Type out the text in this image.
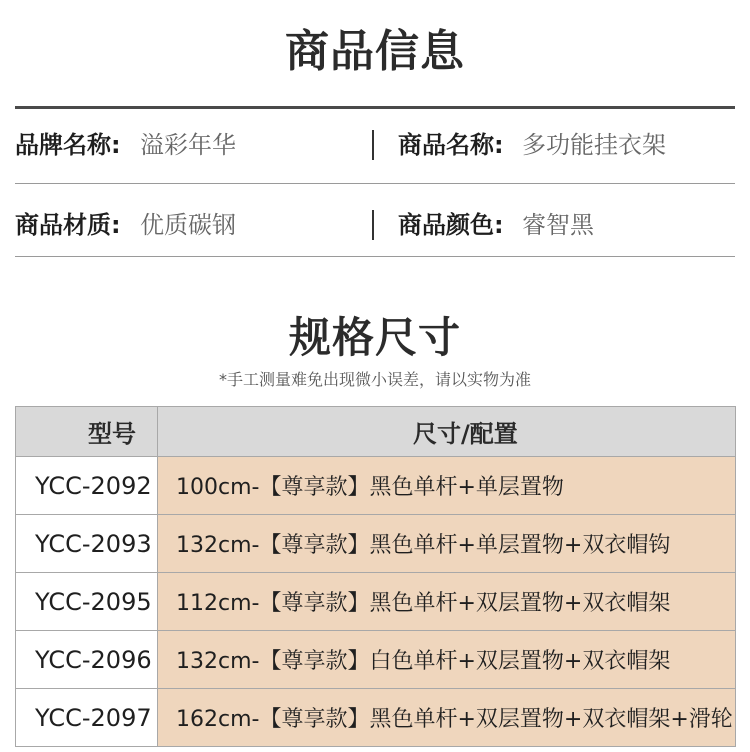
商品信息
品牌名称: 溢彩年华	商品名称: 多功能挂衣架
商品材质: 优质碳钢	商品颜色: 睿智黑
规格尺寸
*手工测量难免出现微小误差，请以实物为准
型号	尺寸/配置
YCC-2092	100cm-【尊享款】黑色单杆+单层置物
YCC-2093	132cm-【尊享款】黑色单杆+单层置物+双衣帽钩
YCC-2095	112cm-【尊享款】黑色单杆+双层置物+双衣帽架
YCC-2096	132cm-【尊享款】白色单杆+双层置物+双衣帽架
YCC-2097	162cm-【尊享款】黑色单杆+双层置物+双衣帽架+滑轮
